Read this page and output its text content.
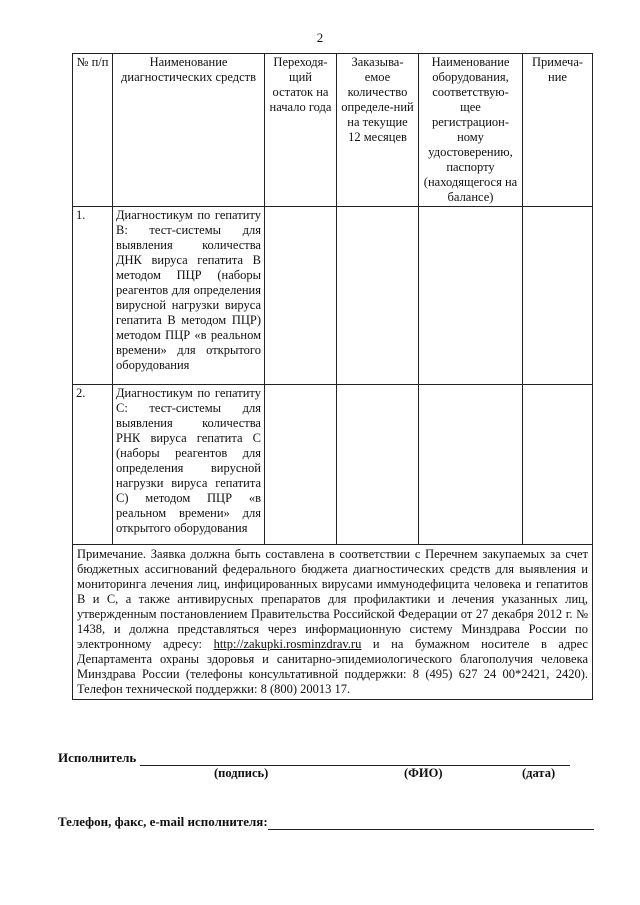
2
№ п/п	Наименование диагностических средств	Переходя-щий остаток на начало года	Заказыва-емое количество определе-ний на текущие 12 месяцев	Наименование оборудования, соответствую-щее регистрацион-ному удостоверению, паспорту (находящегося на балансе)	Примеча-ние
1.	Диагностикум по гепатиту В: тест-системы для выявления количества ДНК вируса гепатита В методом ПЦР (наборы реагентов для определения вирусной нагрузки вируса гепатита В методом ПЦР) методом ПЦР «в реальном времени» для открытого оборудования				
2.	Диагностикум по гепатиту С: тест-системы для выявления количества РНК вируса гепатита С (наборы реагентов для определения вирусной нагрузки вируса гепатита С) методом ПЦР «в реальном времени» для открытого оборудования				
Примечание. Заявка должна быть составлена в соответствии с Перечнем закупаемых за счет бюджетных ассигнований федерального бюджета диагностических средств для выявления и мониторинга лечения лиц, инфицированных вирусами иммунодефицита человека и гепатитов В и С, а также антивирусных препаратов для профилактики и лечения указанных лиц, утвержденным постановлением Правительства Российской Федерации от 27 декабря 2012 г. № 1438, и должна представляться через информационную систему Минздрава России по электронному адресу: http://zakupki.rosminzdrav.ru и на бумажном носителе в адрес Департамента охраны здоровья и санитарно-эпидемиологического благополучия человека Минздрава России (телефоны консультативной поддержки: 8 (495) 627 24 00*2421, 2420). Телефон технической поддержки: 8 (800) 20013 17.					
Исполнитель
(подпись)	(ФИО)	(дата)
Телефон, факс, e-mail исполнителя:
